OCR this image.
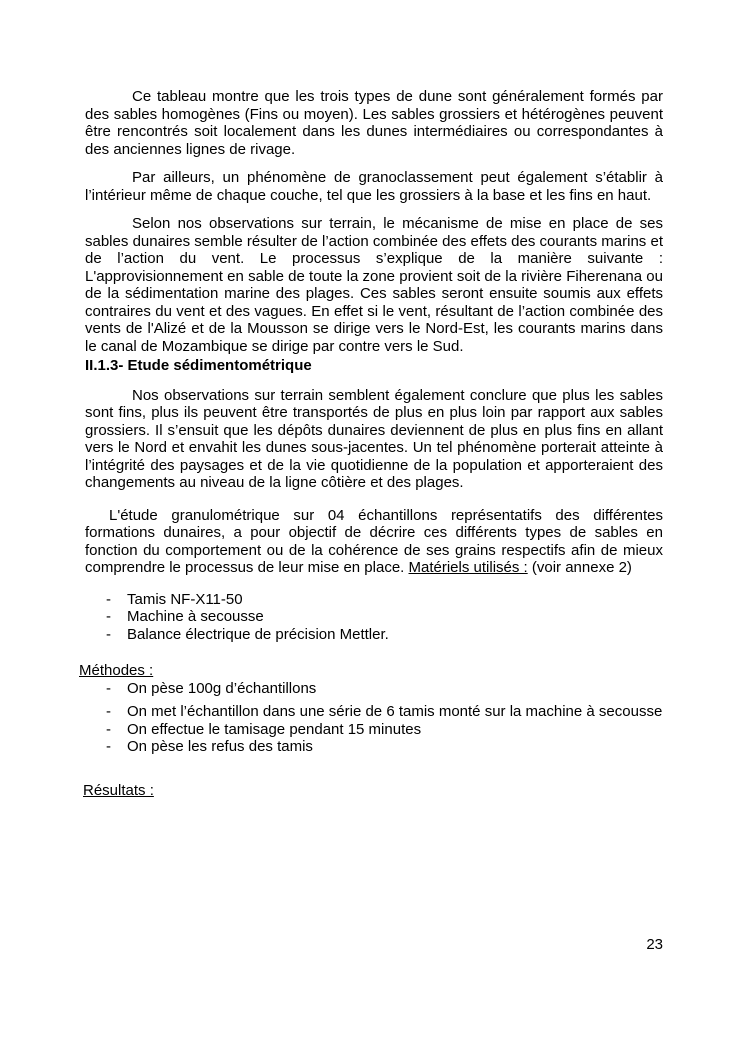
Ce tableau montre que les trois types de dune sont généralement formés par des sables homogènes (Fins ou moyen). Les sables grossiers et hétérogènes peuvent être rencontrés soit localement dans les dunes intermédiaires ou correspondantes à des anciennes lignes de rivage.

Par ailleurs, un phénomène de granoclassement peut également s’établir à l’intérieur même de chaque couche, tel que les grossiers à la base et les fins en haut.

Selon nos observations sur terrain, le mécanisme de mise en place de ses sables dunaires semble résulter de l’action combinée des effets des courants marins et de l’action du vent. Le processus s’explique de la manière suivante : L'approvisionnement en sable de toute la zone provient soit de la rivière Fiherenana ou de la sédimentation marine des plages. Ces sables seront ensuite soumis aux effets contraires du vent et des vagues. En effet si le vent, résultant de l’action combinée des vents de l'Alizé et de la Mousson se dirige vers le Nord-Est, les courants marins dans le canal de Mozambique se dirige par contre vers le Sud.

II.1.3- Etude sédimentométrique

Nos observations sur terrain semblent également conclure que plus les sables sont fins, plus ils peuvent être transportés de plus en plus loin par rapport aux sables grossiers. Il s’ensuit que les dépôts dunaires deviennent de plus en plus fins en allant vers le Nord et envahit les dunes sous-jacentes. Un tel phénomène porterait atteinte à l’intégrité des paysages et de la vie quotidienne de la population et apporteraient des changements au niveau de la ligne côtière et des plages.

L'étude granulométrique sur 04 échantillons représentatifs des différentes formations dunaires, a pour objectif de décrire ces différents types de sables en fonction du comportement ou de la cohérence de ses grains respectifs afin de mieux comprendre le processus de leur mise en place. Matériels utilisés : (voir annexe 2)

-	Tamis NF-X11-50
-	Machine à secousse
-	Balance électrique de précision Mettler.
Méthodes :
-	On pèse 100g d’échantillons
-	On met l’échantillon dans une série de 6 tamis monté sur la machine à secousse
-	On effectue le tamisage pendant 15 minutes
-	On pèse les refus des tamis
Résultats :
23
